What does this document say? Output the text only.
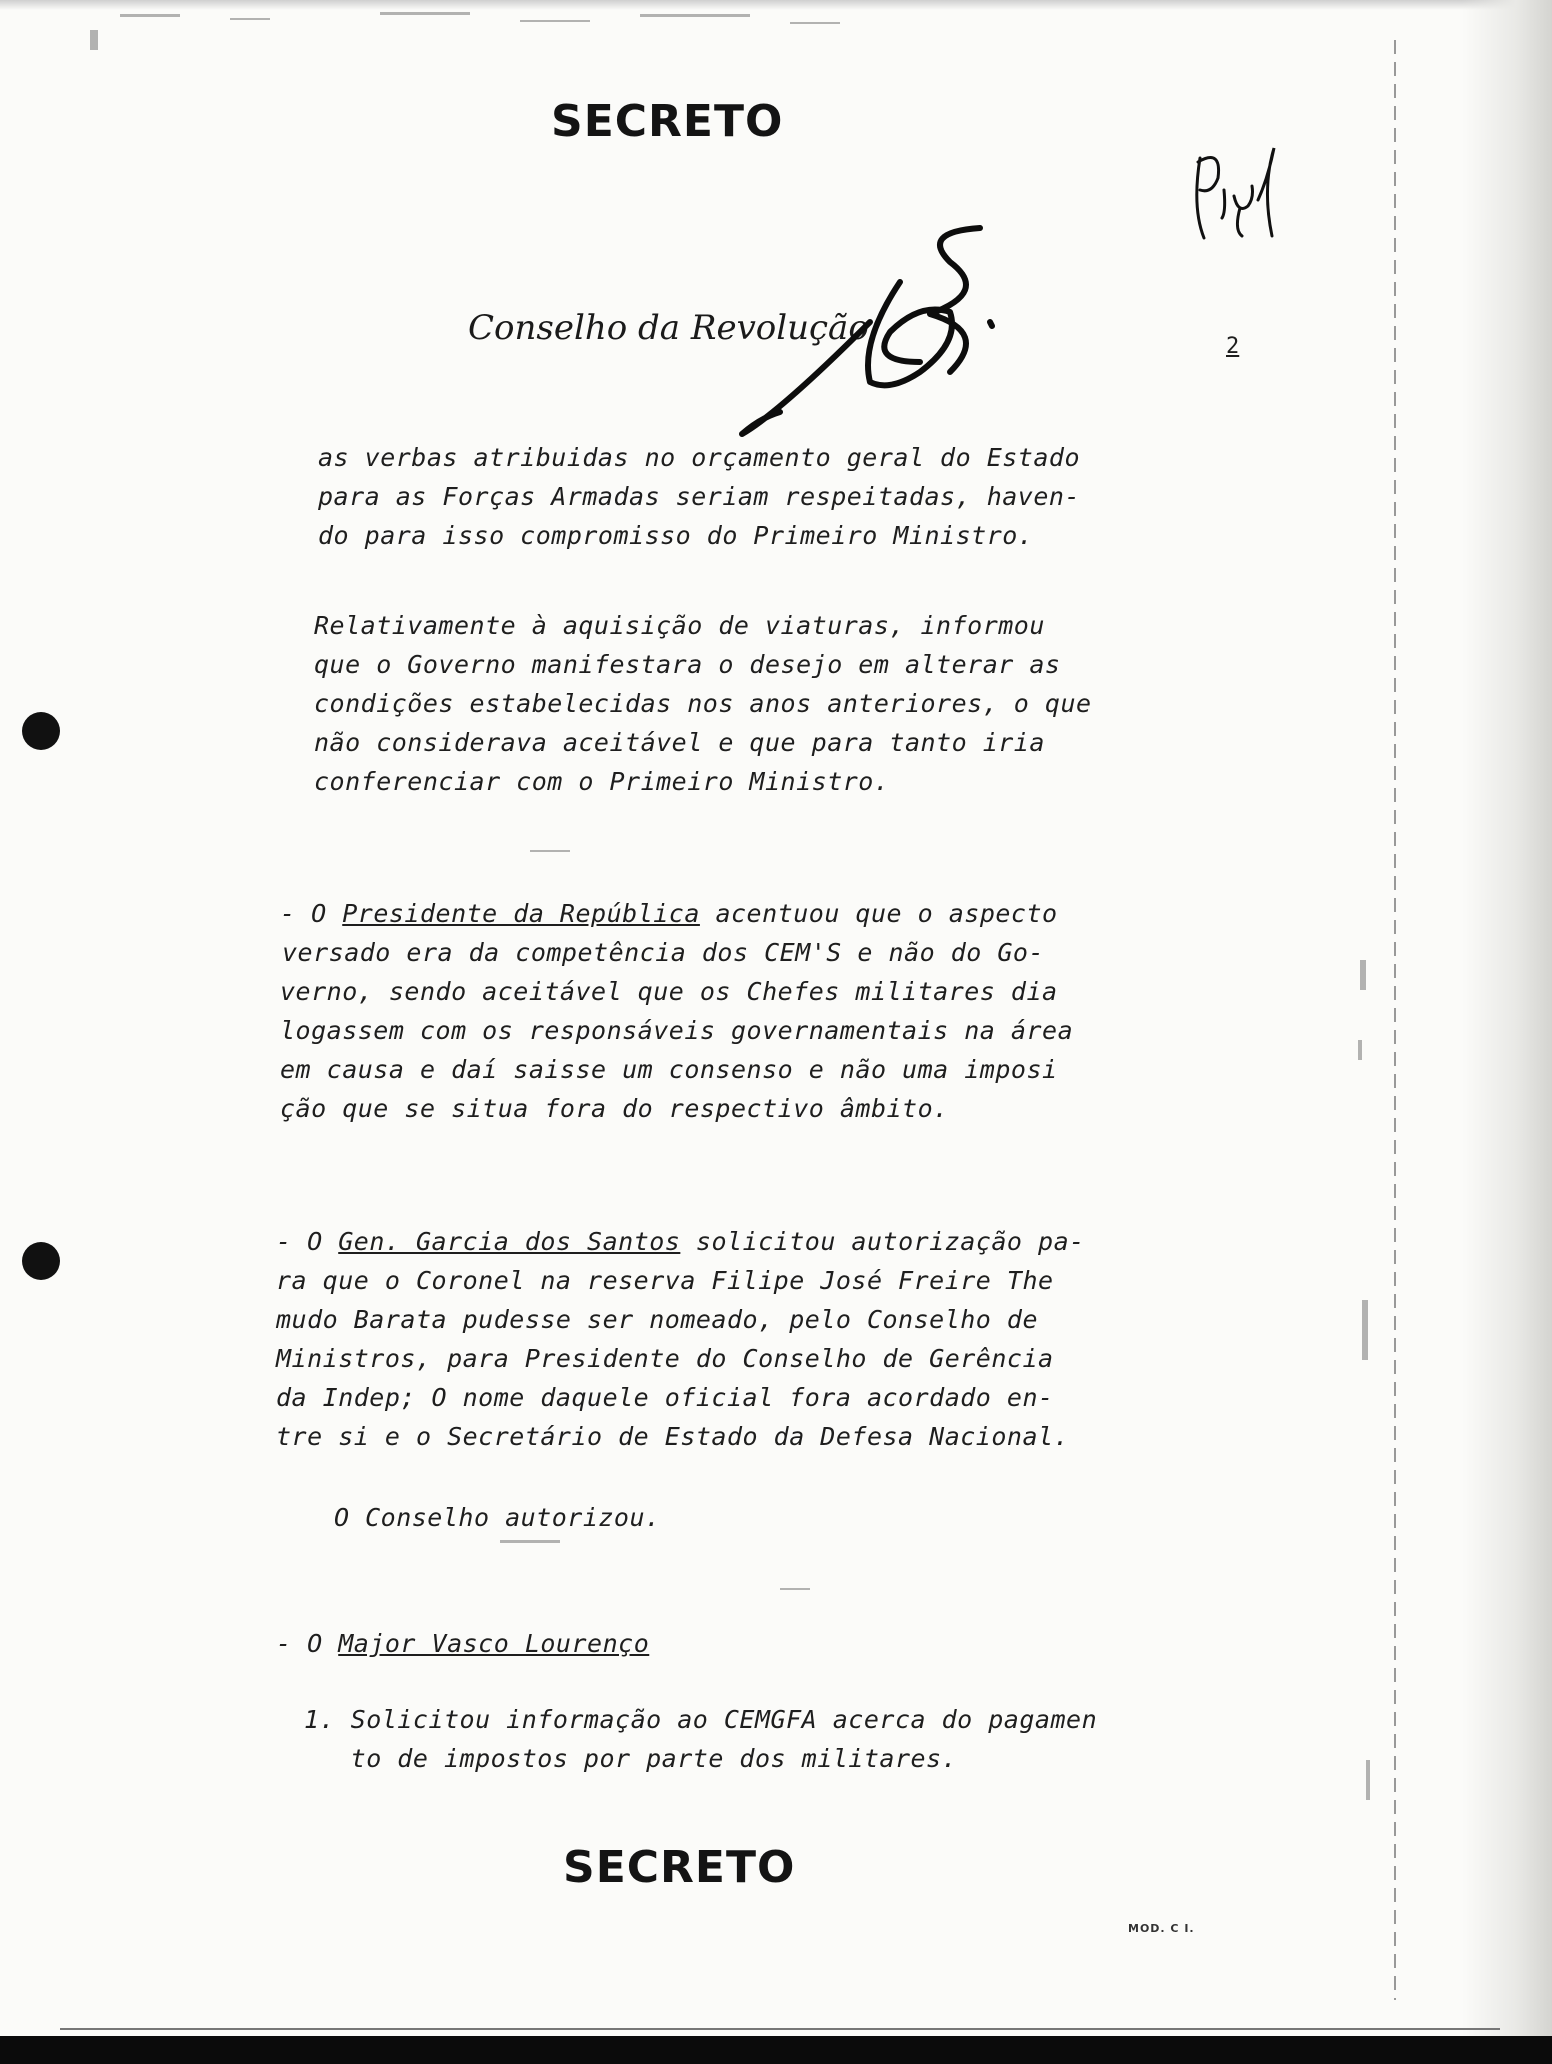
SECRETO
Conselho da Revolução	2
as verbas atribuidas no orçamento geral do Estado
para as Forças Armadas seriam respeitadas, haven-
do para isso compromisso do Primeiro Ministro.
Relativamente à aquisição de viaturas, informou
que o Governo manifestara o desejo em alterar as
condições estabelecidas nos anos anteriores, o que
não considerava aceitável e que para tanto iria
conferenciar com o Primeiro Ministro.
- O Presidente da República acentuou que o aspecto
versado era da competência dos CEM'S e não do Go-
verno, sendo aceitável que os Chefes militares dia
logassem com os responsáveis governamentais na área
em causa e daí saisse um consenso e não uma imposi
ção que se situa fora do respectivo âmbito.
- O Gen. Garcia dos Santos solicitou autorização pa-
ra que o Coronel na reserva Filipe José Freire The
mudo Barata pudesse ser nomeado, pelo Conselho de
Ministros, para Presidente do Conselho de Gerência
da Indep; O nome daquele oficial fora acordado en-
tre si e o Secretário de Estado da Defesa Nacional.
O Conselho autorizou.
- O Major Vasco Lourenço
1. Solicitou informação ao CEMGFA acerca do pagamen
to de impostos por parte dos militares.
SECRETO
MOD. C I.
